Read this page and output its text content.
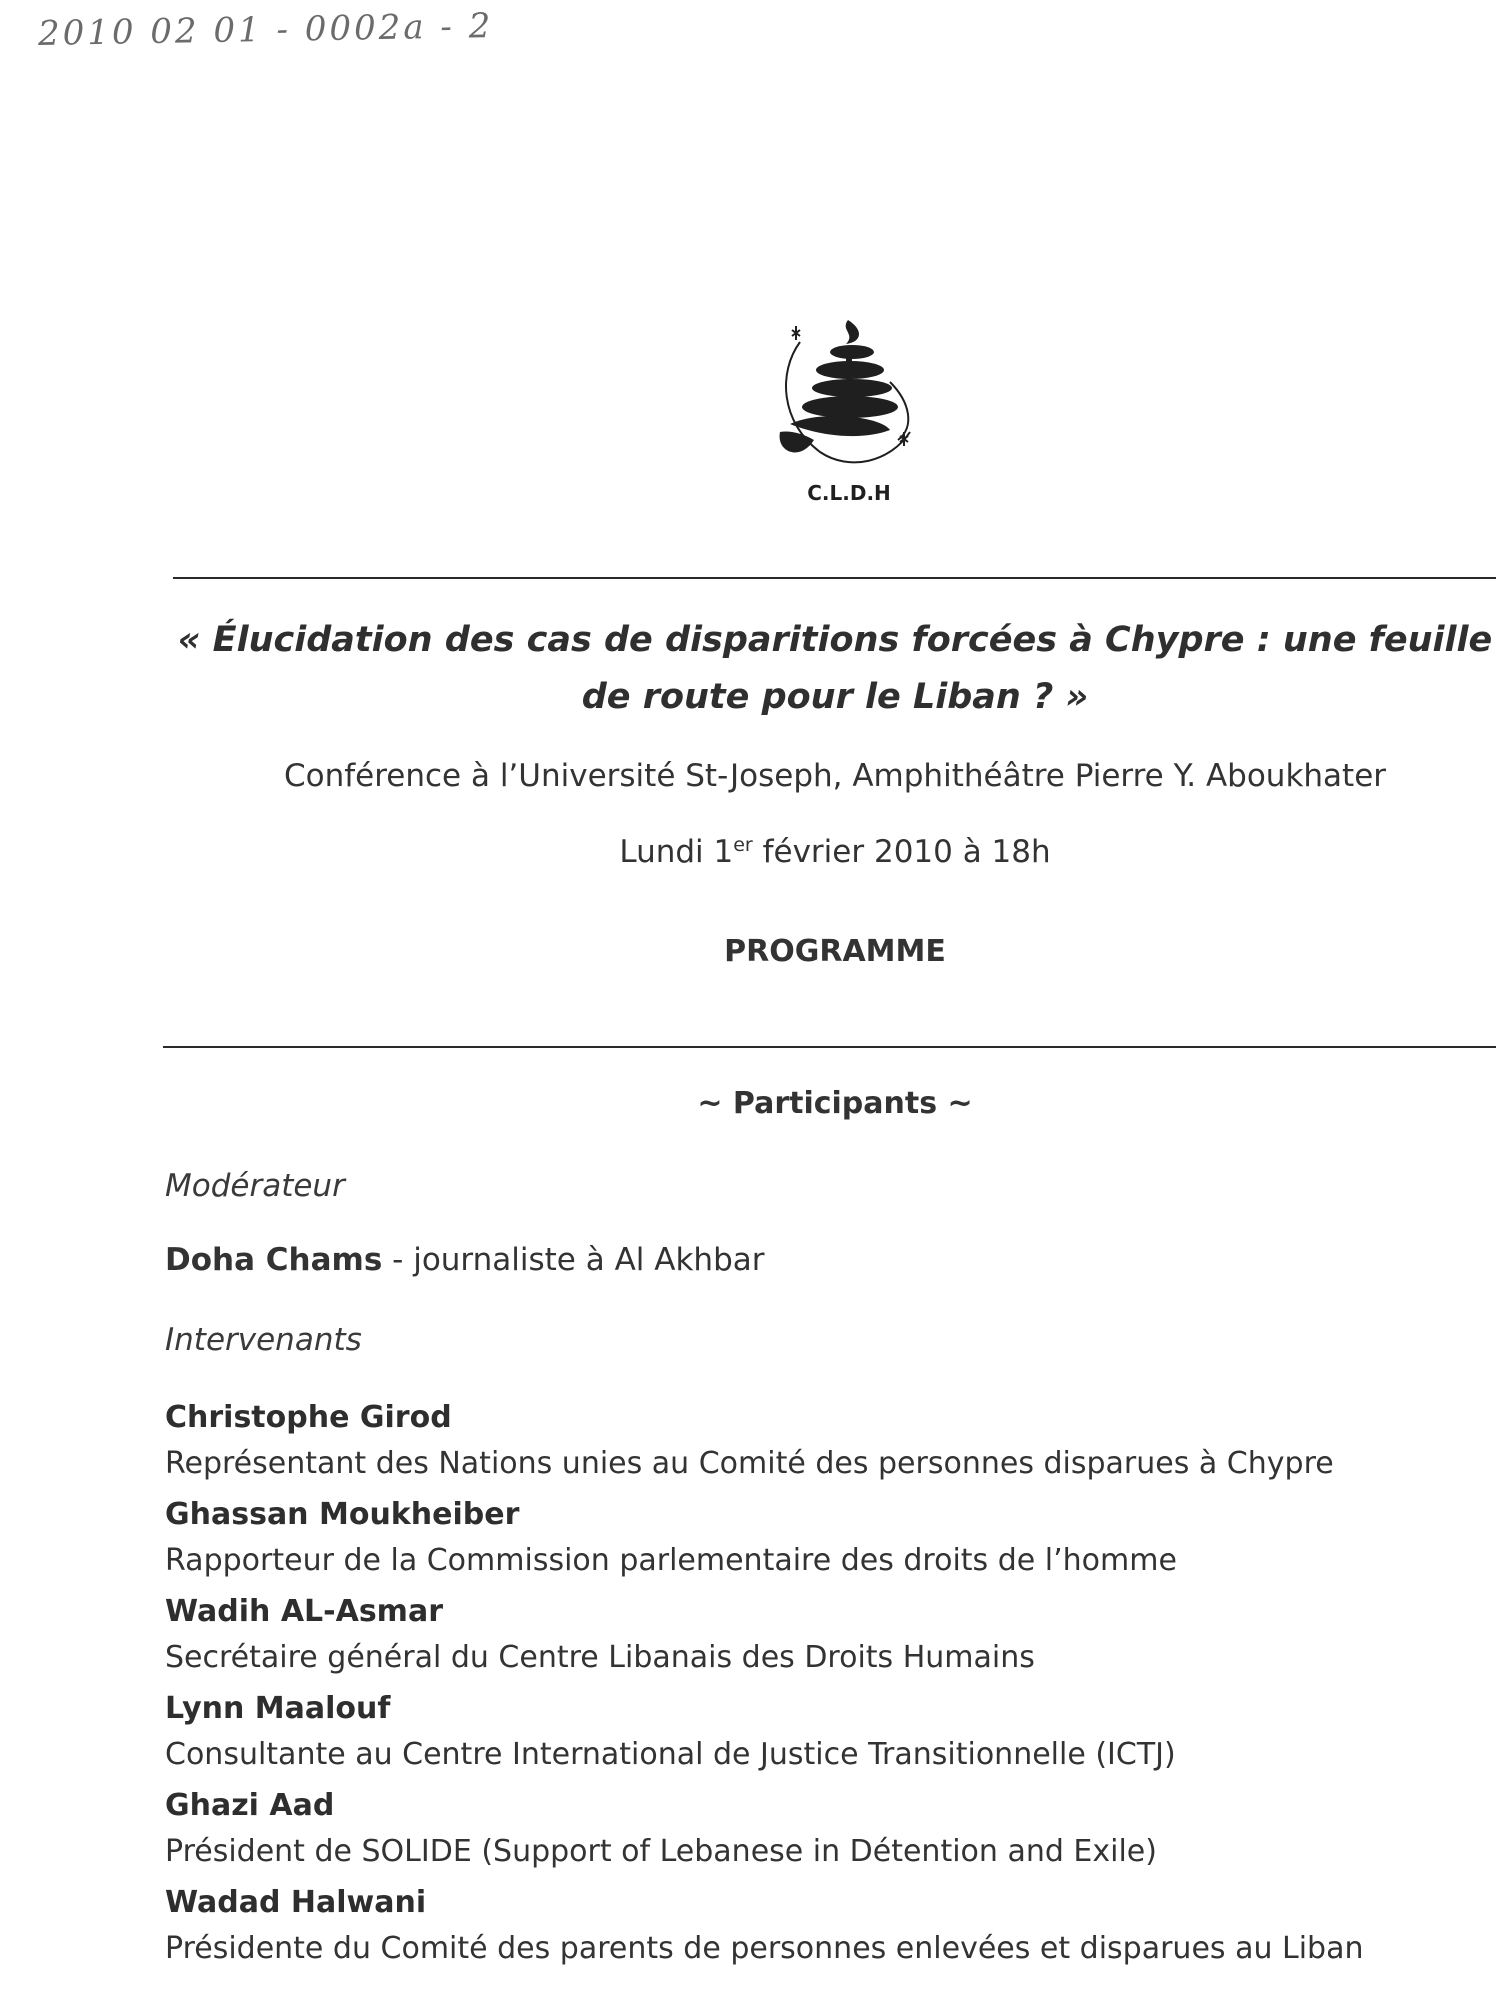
2010 02 01 - 0002a - 2
C.L.D.H
« Élucidation des cas de disparitions forcées à Chypre : une feuille de route pour le Liban ? »
Conférence à l’Université St-Joseph, Amphithéâtre Pierre Y. Aboukhater
Lundi 1er février 2010 à 18h
PROGRAMME
~ Participants ~
Modérateur
Doha Chams - journaliste à Al Akhbar
Intervenants
Christophe Girod
Représentant des Nations unies au Comité des personnes disparues à Chypre
Ghassan Moukheiber
Rapporteur de la Commission parlementaire des droits de l’homme
Wadih AL-Asmar
Secrétaire général du Centre Libanais des Droits Humains
Lynn Maalouf
Consultante au Centre International de Justice Transitionnelle (ICTJ)
Ghazi Aad
Président de SOLIDE (Support of Lebanese in Détention and Exile)
Wadad Halwani
Présidente du Comité des parents de personnes enlevées et disparues au Liban
